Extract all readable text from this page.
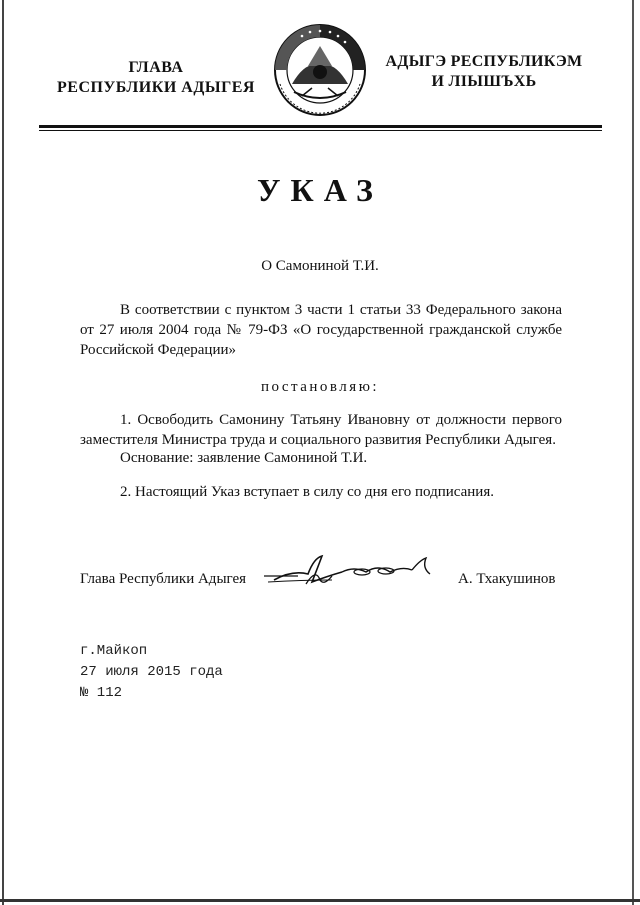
ГЛАВА
РЕСПУБЛИКИ АДЫГЕЯ
АДЫГЭ РЕСПУБЛИКЭМ
И ЛІЫШЪХЬ
УКАЗ
О Самониной Т.И.
В соответствии с пунктом 3 части 1 статьи 33 Федерального закона от 27 июля 2004 года № 79-ФЗ «О государственной гражданской службе Российской Федерации»
постановляю:
1. Освободить Самонину Татьяну Ивановну от должности первого заместителя Министра труда и социального развития Республики Адыгея.
Основание: заявление Самониной Т.И.
2. Настоящий Указ вступает в силу со дня его подписания.
Глава Республики Адыгея	А. Тхакушинов
г.Майкоп
27 июля 2015 года
№ 112
